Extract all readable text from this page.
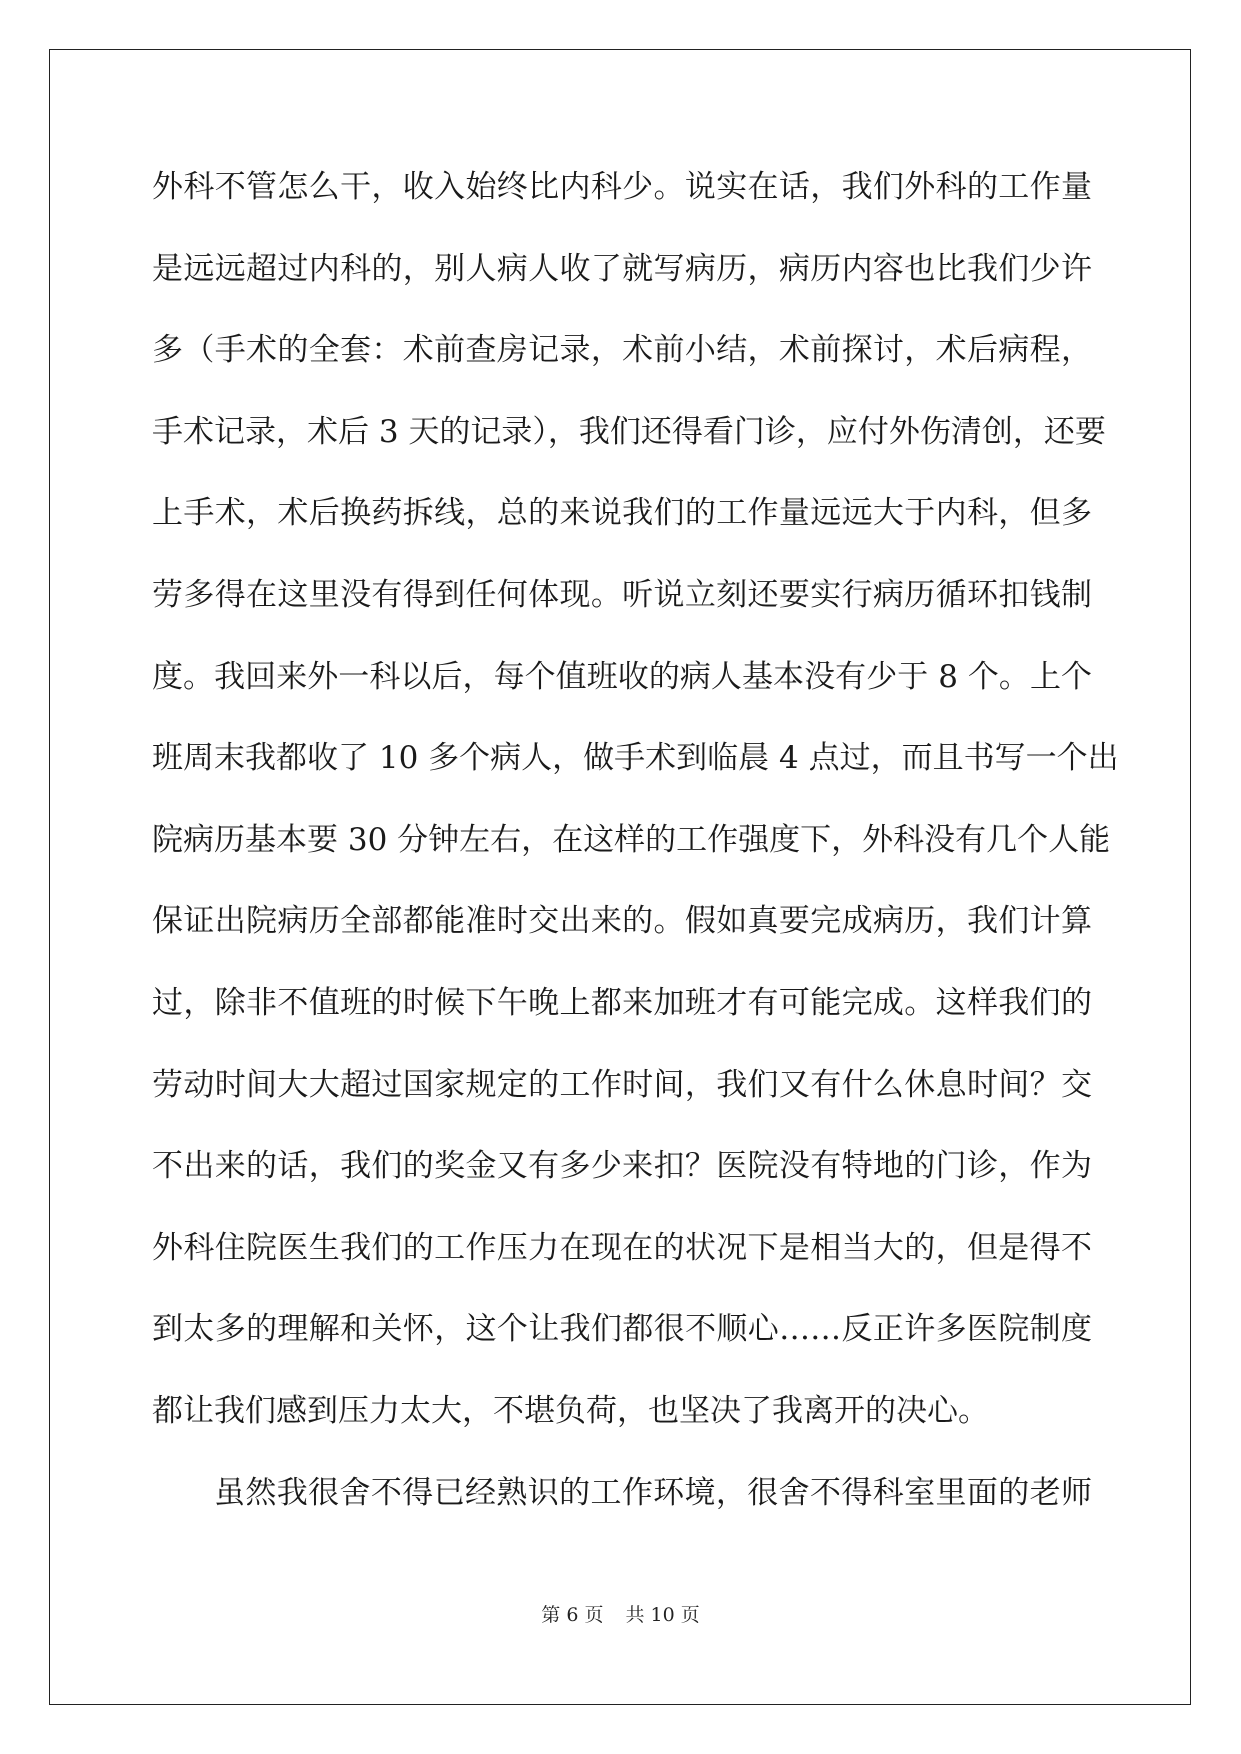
外科不管怎么干，收入始终比内科少。说实在话，我们外科的工作量
是远远超过内科的，别人病人收了就写病历，病历内容也比我们少许
多（手术的全套：术前查房记录，术前小结，术前探讨，术后病程，
手术记录，术后 3 天的记录），我们还得看门诊，应付外伤清创，还要
上手术，术后换药拆线，总的来说我们的工作量远远大于内科，但多
劳多得在这里没有得到任何体现。听说立刻还要实行病历循环扣钱制
度。我回来外一科以后，每个值班收的病人基本没有少于 8 个。上个
班周末我都收了 10 多个病人，做手术到临晨 4 点过，而且书写一个出
院病历基本要 30 分钟左右，在这样的工作强度下，外科没有几个人能
保证出院病历全部都能准时交出来的。假如真要完成病历，我们计算
过，除非不值班的时候下午晚上都来加班才有可能完成。这样我们的
劳动时间大大超过国家规定的工作时间，我们又有什么休息时间？交
不出来的话，我们的奖金又有多少来扣？医院没有特地的门诊，作为
外科住院医生我们的工作压力在现在的状况下是相当大的，但是得不
到太多的理解和关怀，这个让我们都很不顺心……反正许多医院制度
都让我们感到压力太大，不堪负荷，也坚决了我离开的决心。
虽然我很舍不得已经熟识的工作环境，很舍不得科室里面的老师
第 6 页 共 10 页
